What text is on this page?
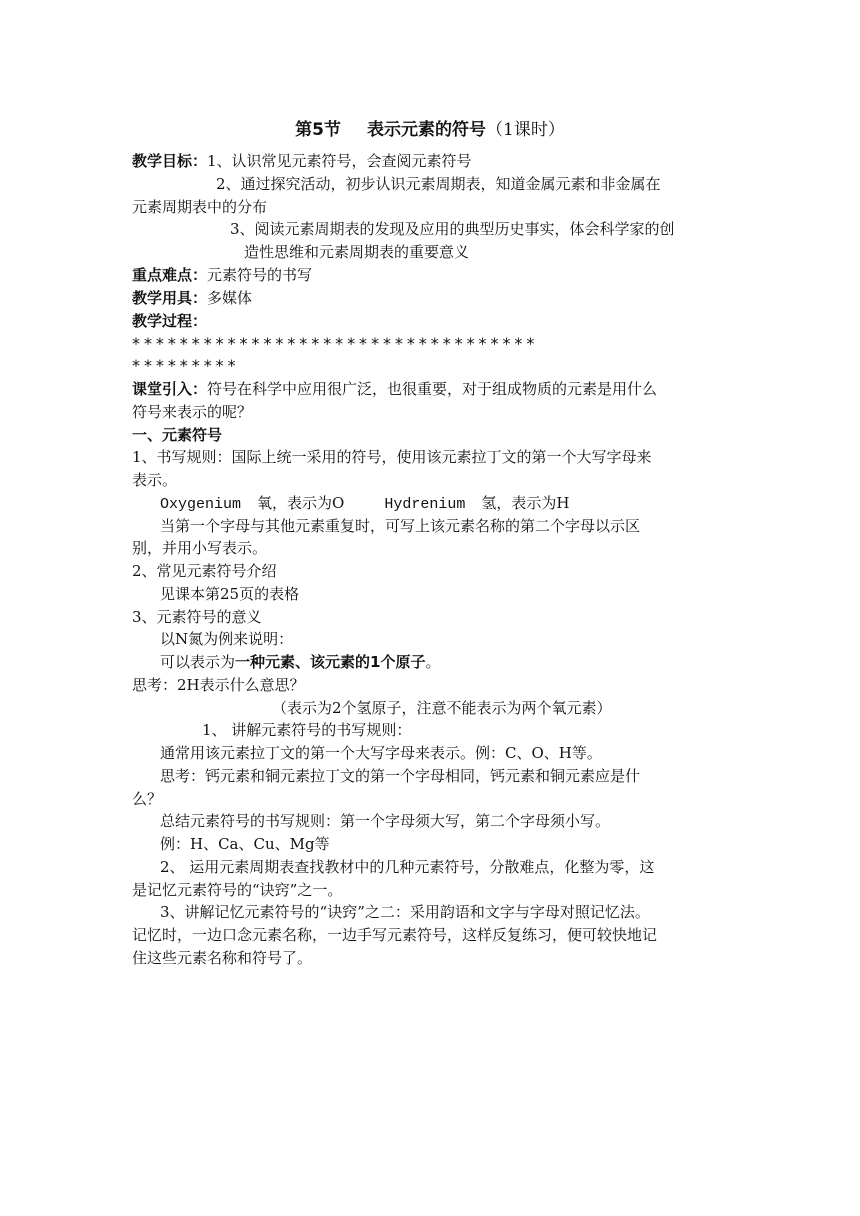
第5节 表示元素的符号（1课时）
教学目标：1、认识常见元素符号，会查阅元素符号
2、通过探究活动，初步认识元素周期表，知道金属元素和非金属在
元素周期表中的分布
3、阅读元素周期表的发现及应用的典型历史事实，体会科学家的创
造性思维和元素周期表的重要意义
重点难点：元素符号的书写
教学用具：多媒体
教学过程：
**********************************
*********
课堂引入：符号在科学中应用很广泛，也很重要，对于组成物质的元素是用什么
符号来表示的呢？
一、元素符号
1、书写规则：国际上统一采用的符号，使用该元素拉丁文的第一个大写字母来
表示。
Oxygenium 氧，表示为O	Hydrenium 氢，表示为H
当第一个字母与其他元素重复时，可写上该元素名称的第二个字母以示区
别，并用小写表示。
2、常见元素符号介绍
见课本第25页的表格
3、元素符号的意义
以N氮为例来说明：
可以表示为一种元素、该元素的1个原子。
思考：2H表示什么意思？
（表示为2个氢原子，注意不能表示为两个氧元素）
1、 讲解元素符号的书写规则：
通常用该元素拉丁文的第一个大写字母来表示。例：C、O、H等。
思考：钙元素和铜元素拉丁文的第一个字母相同，钙元素和铜元素应是什
么？
总结元素符号的书写规则：第一个字母须大写，第二个字母须小写。
例：H、Ca、Cu、Mg等
2、 运用元素周期表查找教材中的几种元素符号，分散难点，化整为零，这
是记忆元素符号的“诀窍”之一。
3、讲解记忆元素符号的“诀窍”之二：采用韵语和文字与字母对照记忆法。
记忆时，一边口念元素名称，一边手写元素符号，这样反复练习，便可较快地记
住这些元素名称和符号了。
